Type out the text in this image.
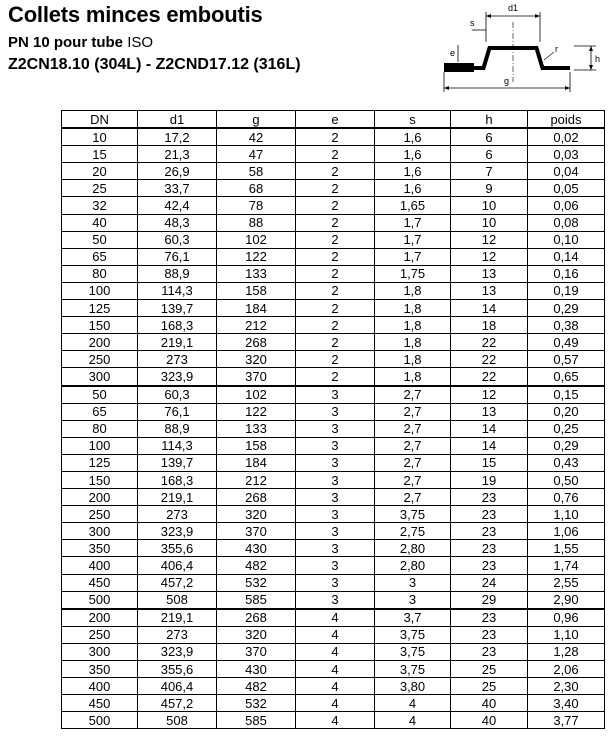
Collets minces emboutis
PN 10 pour tube ISO
Z2CN18.10 (304L) - Z2CND17.12 (316L)
d1
s
e	r
h
g
DN	d1	g	e	s	h	poids
10	17,2	42	2	1,6	6	0,02
15	21,3	47	2	1,6	6	0,03
20	26,9	58	2	1,6	7	0,04
25	33,7	68	2	1,6	9	0,05
32	42,4	78	2	1,65	10	0,06
40	48,3	88	2	1,7	10	0,08
50	60,3	102	2	1,7	12	0,10
65	76,1	122	2	1,7	12	0,14
80	88,9	133	2	1,75	13	0,16
100	114,3	158	2	1,8	13	0,19
125	139,7	184	2	1,8	14	0,29
150	168,3	212	2	1,8	18	0,38
200	219,1	268	2	1,8	22	0,49
250	273	320	2	1,8	22	0,57
300	323,9	370	2	1,8	22	0,65
50	60,3	102	3	2,7	12	0,15
65	76,1	122	3	2,7	13	0,20
80	88,9	133	3	2,7	14	0,25
100	114,3	158	3	2,7	14	0,29
125	139,7	184	3	2,7	15	0,43
150	168,3	212	3	2,7	19	0,50
200	219,1	268	3	2,7	23	0,76
250	273	320	3	3,75	23	1,10
300	323,9	370	3	2,75	23	1,06
350	355,6	430	3	2,80	23	1,55
400	406,4	482	3	2,80	23	1,74
450	457,2	532	3	3	24	2,55
500	508	585	3	3	29	2,90
200	219,1	268	4	3,7	23	0,96
250	273	320	4	3,75	23	1,10
300	323,9	370	4	3,75	23	1,28
350	355,6	430	4	3,75	25	2,06
400	406,4	482	4	3,80	25	2,30
450	457,2	532	4	4	40	3,40
500	508	585	4	4	40	3,77
